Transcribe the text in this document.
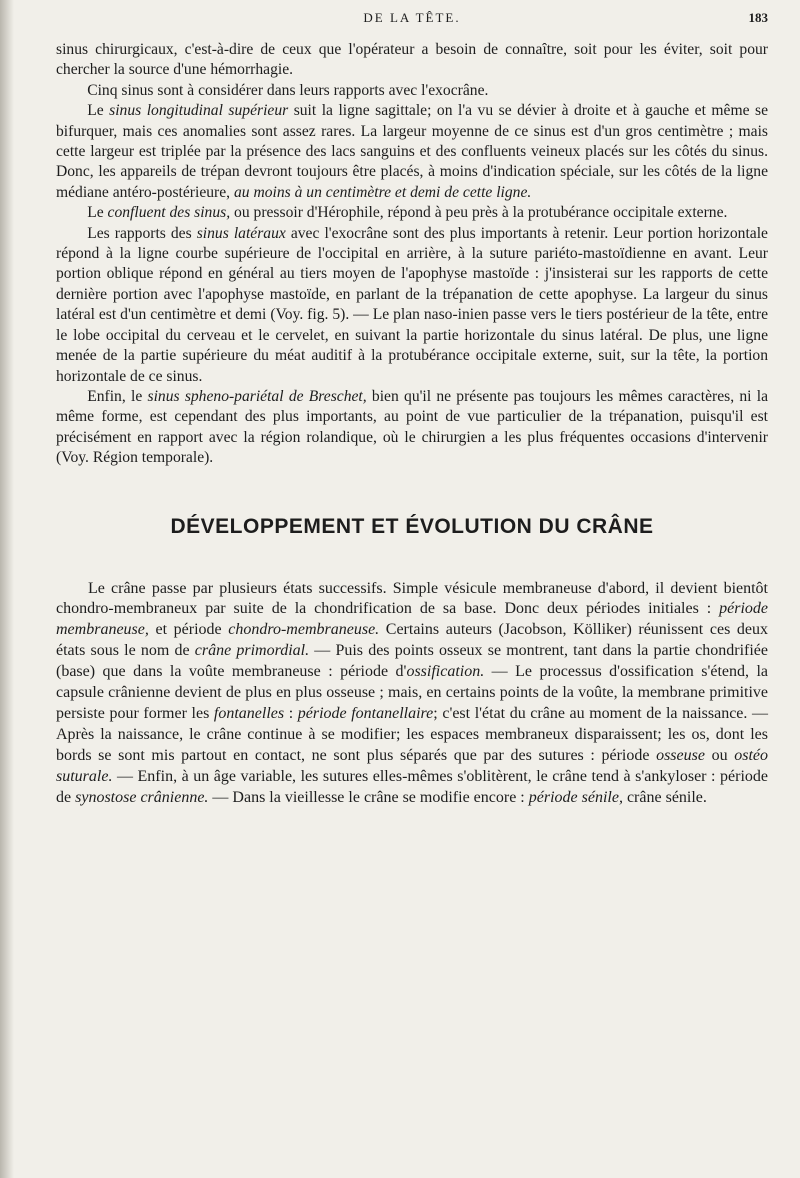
DE LA TÊTE.	183

sinus chirurgicaux, c'est-à-dire de ceux que l'opérateur a besoin de connaître, soit pour les éviter, soit pour chercher la source d'une hémorrhagie.

Cinq sinus sont à considérer dans leurs rapports avec l'exocrâne.

Le sinus longitudinal supérieur suit la ligne sagittale; on l'a vu se dévier à droite et à gauche et même se bifurquer, mais ces anomalies sont assez rares. La largeur moyenne de ce sinus est d'un gros centimètre ; mais cette largeur est triplée par la présence des lacs sanguins et des confluents veineux placés sur les côtés du sinus. Donc, les appareils de trépan devront toujours être placés, à moins d'indication spéciale, sur les côtés de la ligne médiane antéro-postérieure, au moins à un centimètre et demi de cette ligne.

Le confluent des sinus, ou pressoir d'Hérophile, répond à peu près à la protubérance occipitale externe.

Les rapports des sinus latéraux avec l'exocrâne sont des plus importants à retenir. Leur portion horizontale répond à la ligne courbe supérieure de l'occipital en arrière, à la suture pariéto-mastoïdienne en avant. Leur portion oblique répond en général au tiers moyen de l'apophyse mastoïde : j'insisterai sur les rapports de cette dernière portion avec l'apophyse mastoïde, en parlant de la trépanation de cette apophyse. La largeur du sinus latéral est d'un centimètre et demi (Voy. fig. 5). — Le plan naso-inien passe vers le tiers postérieur de la tête, entre le lobe occipital du cerveau et le cervelet, en suivant la partie horizontale du sinus latéral. De plus, une ligne menée de la partie supérieure du méat auditif à la protubérance occipitale externe, suit, sur la tête, la portion horizontale de ce sinus.

Enfin, le sinus spheno-pariétal de Breschet, bien qu'il ne présente pas toujours les mêmes caractères, ni la même forme, est cependant des plus importants, au point de vue particulier de la trépanation, puisqu'il est précisément en rapport avec la région rolandique, où le chirurgien a les plus fréquentes occasions d'intervenir (Voy. Région temporale).

DÉVELOPPEMENT ET ÉVOLUTION DU CRÂNE

Le crâne passe par plusieurs états successifs. Simple vésicule membraneuse d'abord, il devient bientôt chondro-membraneux par suite de la chondrification de sa base. Donc deux périodes initiales : période membraneuse, et période chondro-membraneuse. Certains auteurs (Jacobson, Kölliker) réunissent ces deux états sous le nom de crâne primordial. — Puis des points osseux se montrent, tant dans la partie chondrifiée (base) que dans la voûte membraneuse : période d'ossification. — Le processus d'ossification s'étend, la capsule crânienne devient de plus en plus osseuse ; mais, en certains points de la voûte, la membrane primitive persiste pour former les fontanelles : période fontanellaire; c'est l'état du crâne au moment de la naissance. — Après la naissance, le crâne continue à se modifier; les espaces membraneux disparaissent; les os, dont les bords se sont mis partout en contact, ne sont plus séparés que par des sutures : période osseuse ou ostéo suturale. — Enfin, à un âge variable, les sutures elles-mêmes s'oblitèrent, le crâne tend à s'ankyloser : période de synostose crânienne. — Dans la vieillesse le crâne se modifie encore : période sénile, crâne sénile.
